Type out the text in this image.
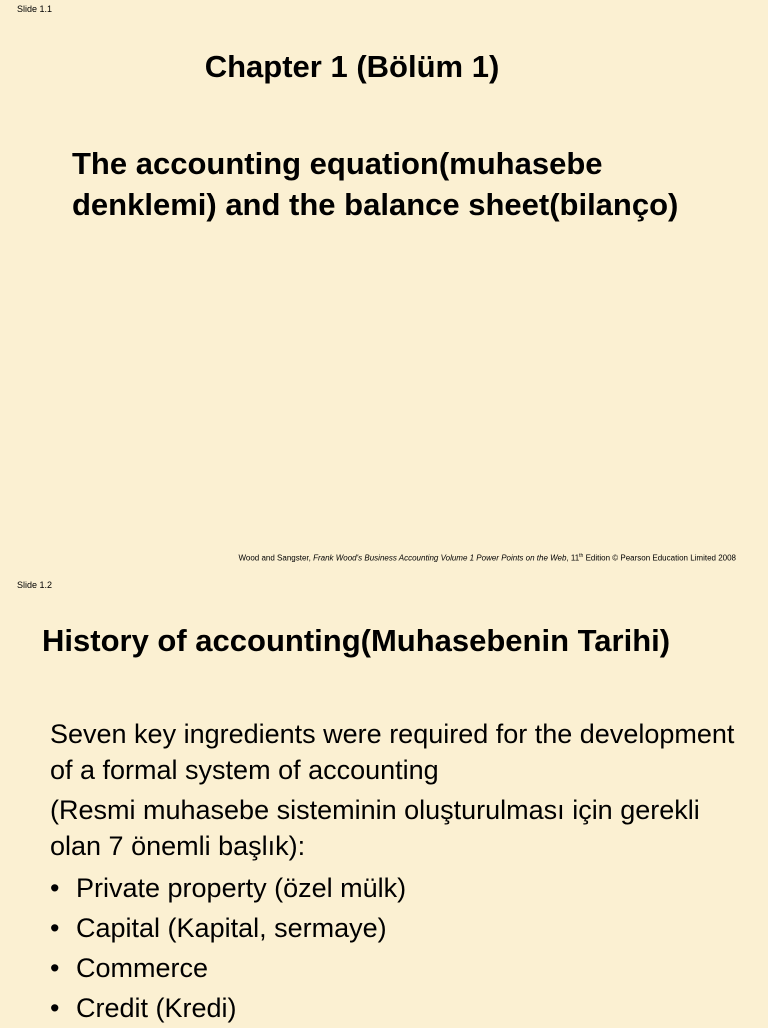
Slide 1.1
Chapter 1 (Bölüm 1)
The accounting equation(muhasebe
denklemi) and the balance sheet(bilanço)
Wood and Sangster, Frank Wood's Business Accounting Volume 1 Power Points on the Web, 11th Edition © Pearson Education Limited 2008
Slide 1.2
History of accounting(Muhasebenin Tarihi)

Seven key ingredients were required for the development of a formal system of accounting

(Resmi muhasebe sisteminin oluşturulması için gerekli olan 7 önemli başlık):

• Private property (özel mülk)
• Capital (Kapital, sermaye)
• Commerce
• Credit (Kredi)
